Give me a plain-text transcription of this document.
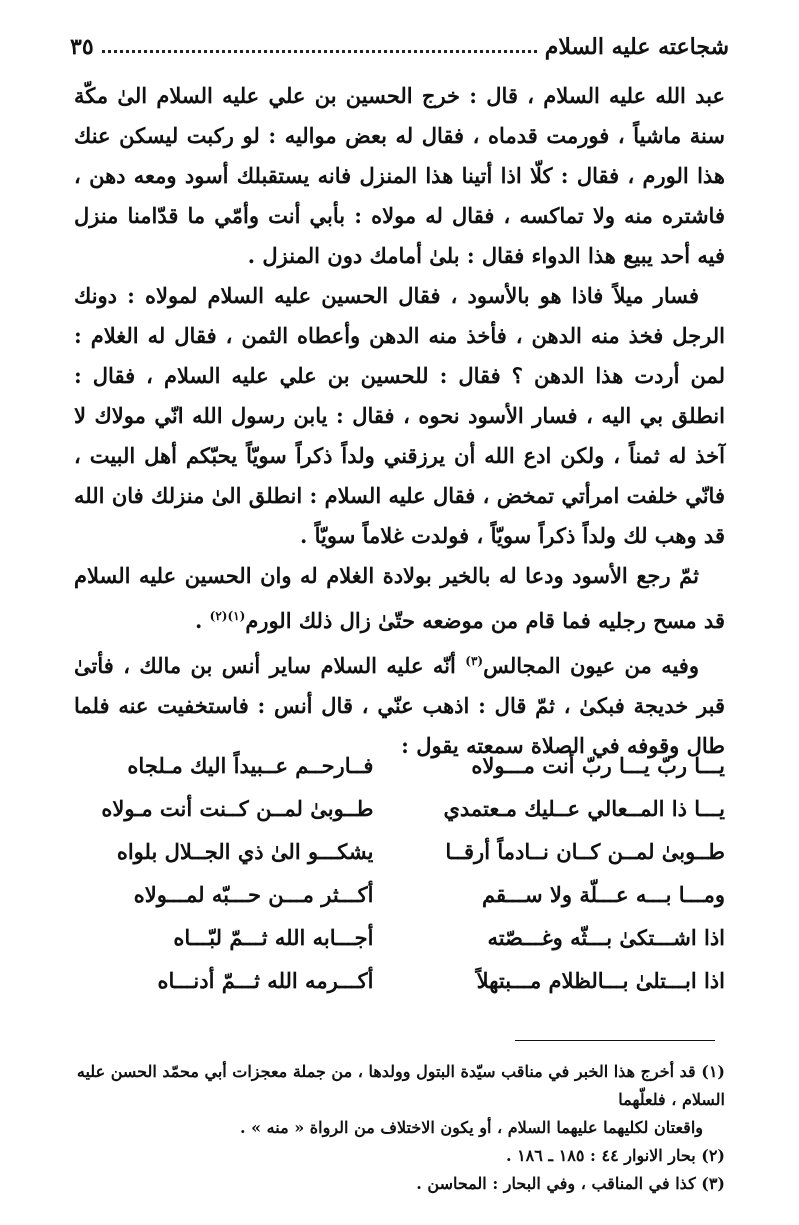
شجاعته عليه السلام
٣٥

عبد الله عليه السلام ، قال : خرج الحسين بن علي عليه السلام الىٰ مكّة سنة ماشياً ، فورمت قدماه ، فقال له بعض مواليه : لو ركبت ليسكن عنك هذا الورم ، فقال : كلّا اذا أتينا هذا المنزل فانه يستقبلك أسود ومعه دهن ، فاشتره منه ولا تماكسه ، فقال له مولاه : بأبي أنت وأمّي ما قدّامنا منزل فيه أحد يبيع هذا الدواء فقال : بلىٰ أمامك دون المنزل .

فسار ميلاً فاذا هو بالأسود ، فقال الحسين عليه السلام لمولاه : دونك الرجل فخذ منه الدهن ، فأخذ منه الدهن وأعطاه الثمن ، فقال له الغلام : لمن أردت هذا الدهن ؟ فقال : للحسين بن علي عليه السلام ، فقال : انطلق بي اليه ، فسار الأسود نحوه ، فقال : يابن رسول الله انّي مولاك لا آخذ له ثمناً ، ولكن ادع الله أن يرزقني ولداً ذكراً سويّاً يحبّكم أهل البيت ، فانّي خلفت امرأتي تمخض ، فقال عليه السلام : انطلق الىٰ منزلك فان الله قد وهب لك ولداً ذكراً سويّاً ، فولدت غلاماً سويّاً .

ثمّ رجع الأسود ودعا له بالخير بولادة الغلام له وان الحسين عليه السلام قد مسح رجليه فما قام من موضعه حتّىٰ زال ذلك الورم$^{(١)(٢)}$ .

وفيه من عيون المجالس$^{(٣)}$ أنّه عليه السلام ساير أنس بن مالك ، فأتىٰ قبر خديجة فبكىٰ ، ثمّ قال : اذهب عنّي ، قال أنس : فاستخفيت عنه فلما طال وقوفه في الصلاة سمعته يقول :

يـــا ربّ يـــا ربّ أنت مـــولاه
فــارحــم عــبيداً اليك مـلجاه
يـــا ذا المــعالي عــليك مـعتمدي
طــوبىٰ لمــن كــنت أنت مـولاه
طــوبىٰ لمــن كــان نــادماً أرقــا
يشكـــو الىٰ ذي الجــلال بلواه
ومـــا بـــه عـــلّة ولا ســـقم
أكـــثر مـــن حـــبّه لمـــولاه
اذا اشـــتكىٰ بـــثّه وغـــصّته
أجـــابه الله ثـــمّ لبّـــاه
اذا ابـــتلىٰ بـــالظلام مـــبتهلاً
أكـــرمه الله ثـــمّ أدنـــاه

(١) قد أخرج هذا الخبر في مناقب سيّدة البتول وولدها ، من جملة معجزات أبي محمّد الحسن عليه السلام ، فلعلّهما

واقعتان لكليهما عليهما السلام ، أو يكون الاختلاف من الرواة « منه » .

(٢) بحار الانوار ٤٤ : ١٨٥ ـ ١٨٦ .

(٣) كذا في المناقب ، وفي البحار : المحاسن .
